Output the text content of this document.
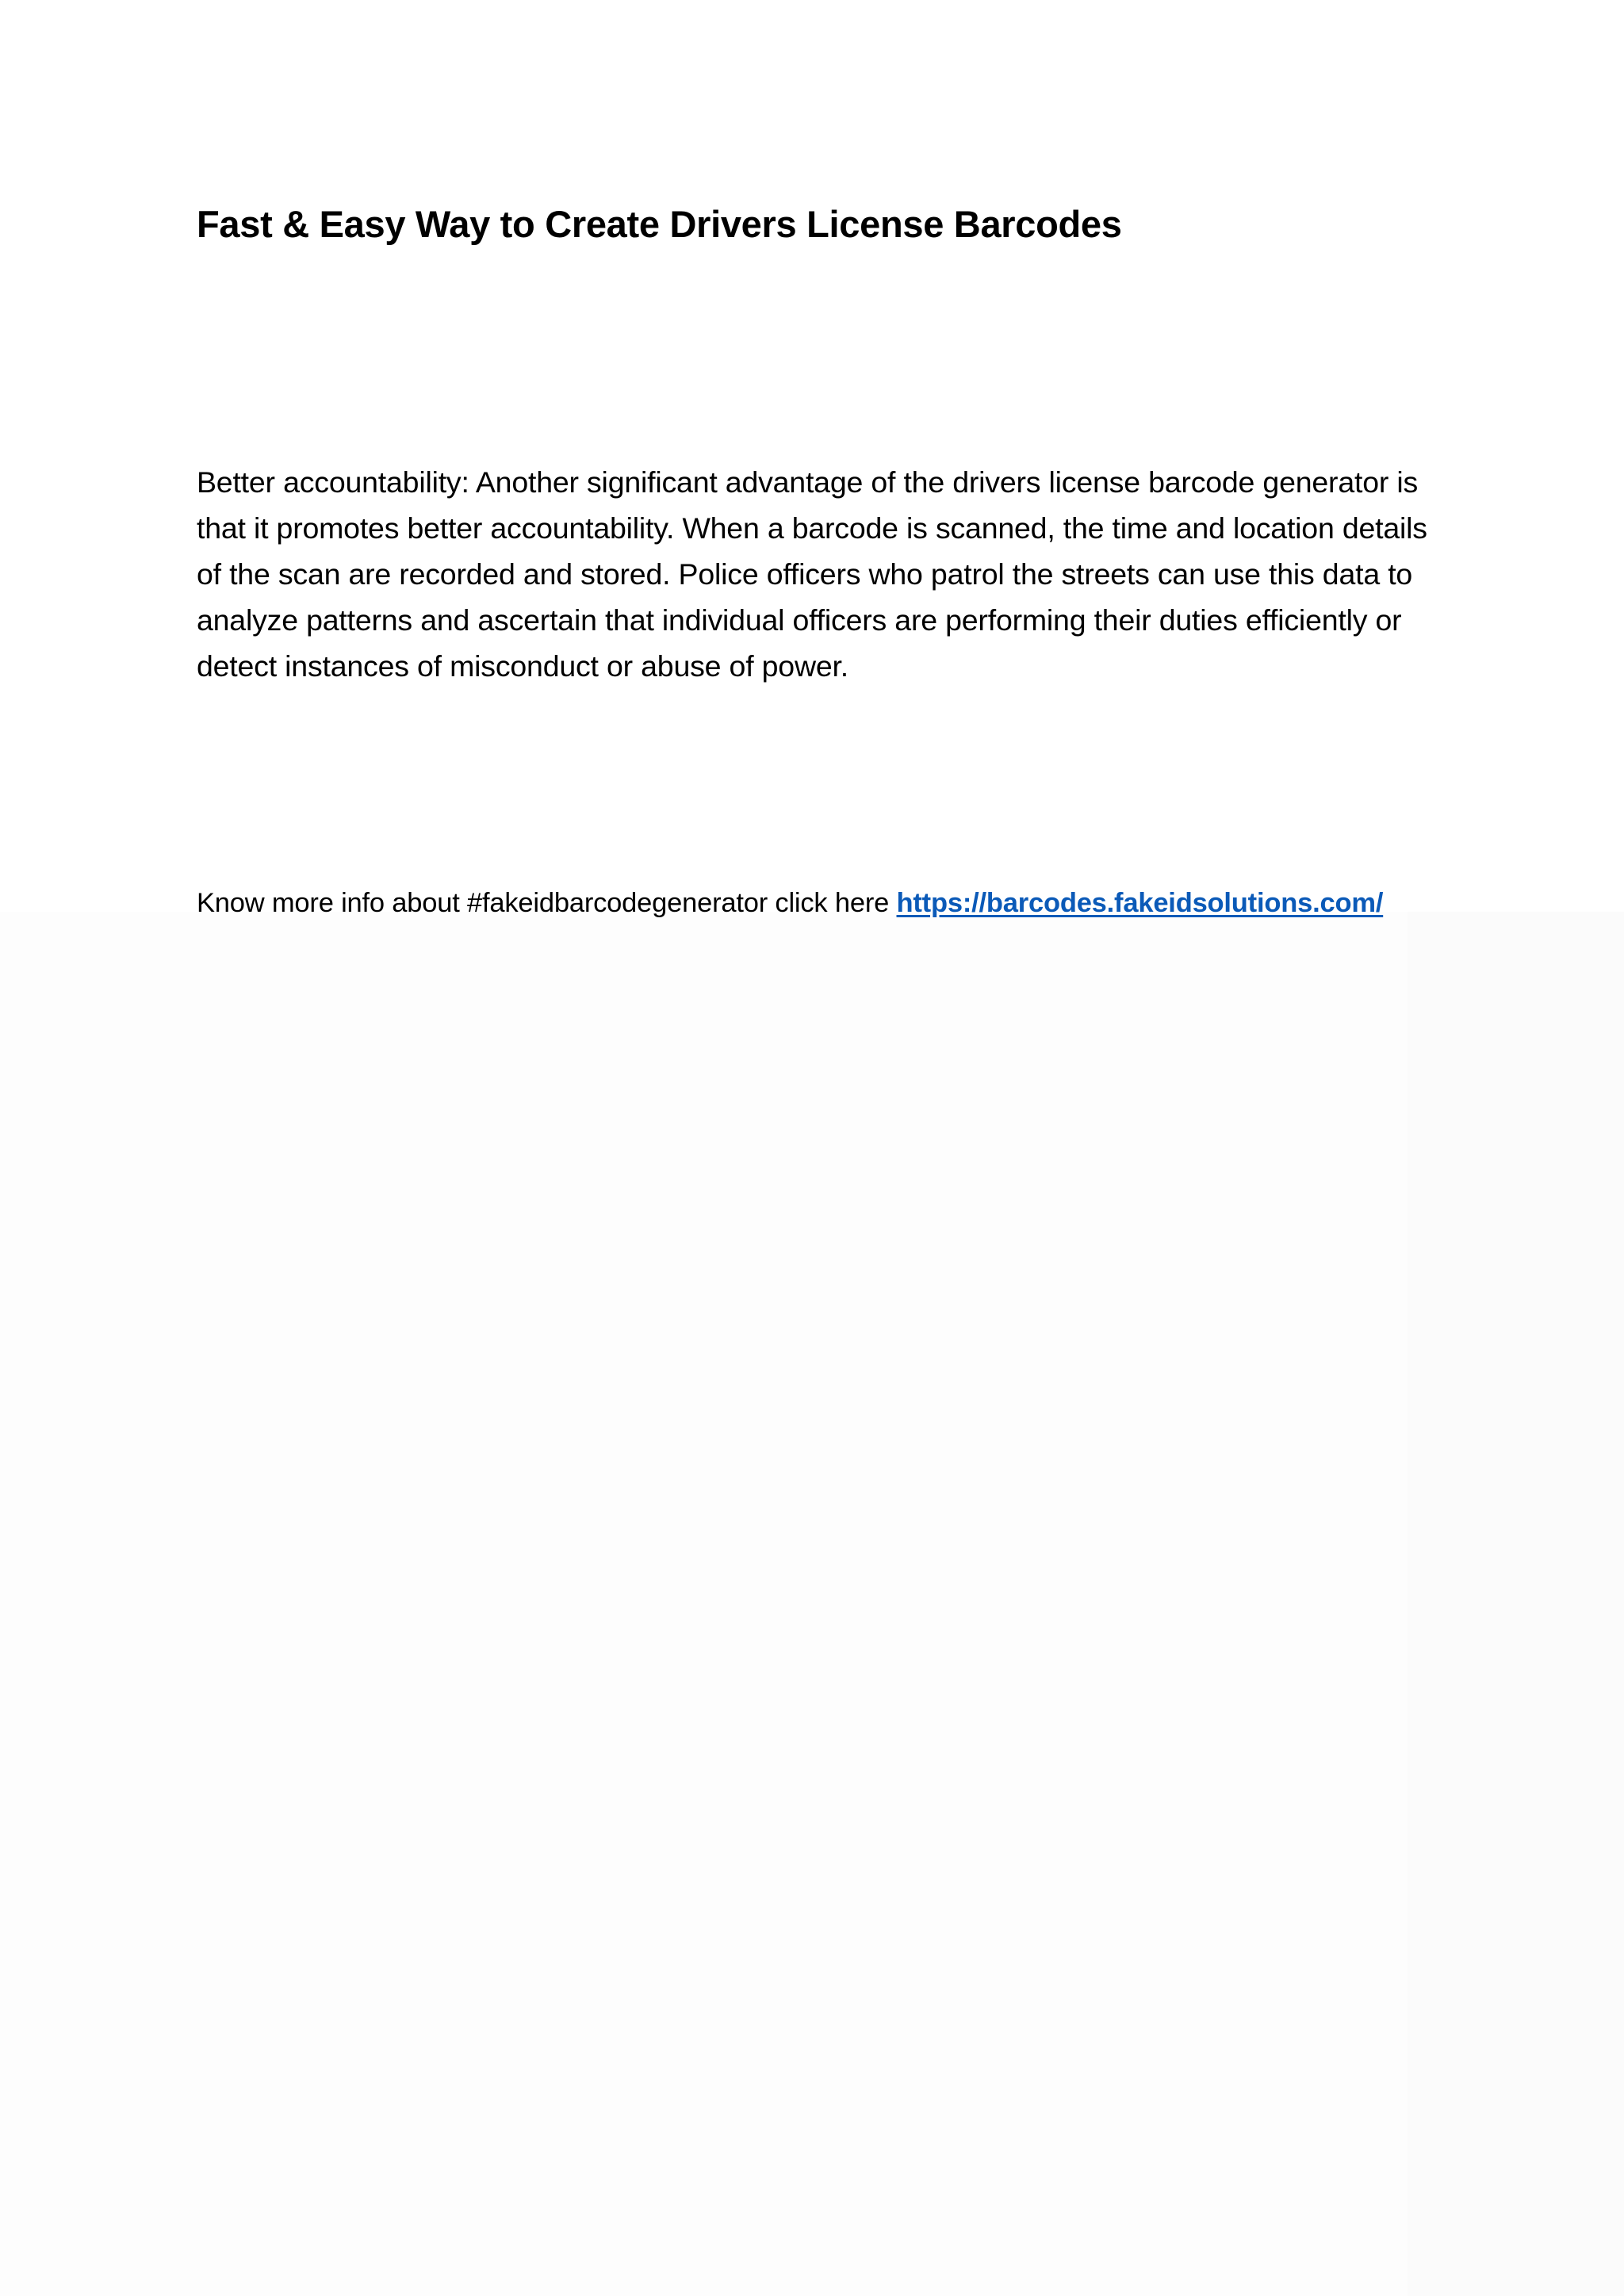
Fast & Easy Way to Create Drivers License Barcodes

Better accountability: Another significant advantage of the drivers license barcode generator is that it promotes better accountability. When a barcode is scanned, the time and location details of the scan are recorded and stored. Police officers who patrol the streets can use this data to analyze patterns and ascertain that individual officers are performing their duties efficiently or detect instances of misconduct or abuse of power.

Know more info about #fakeidbarcodegenerator click here https://barcodes.fakeidsolutions.com/
